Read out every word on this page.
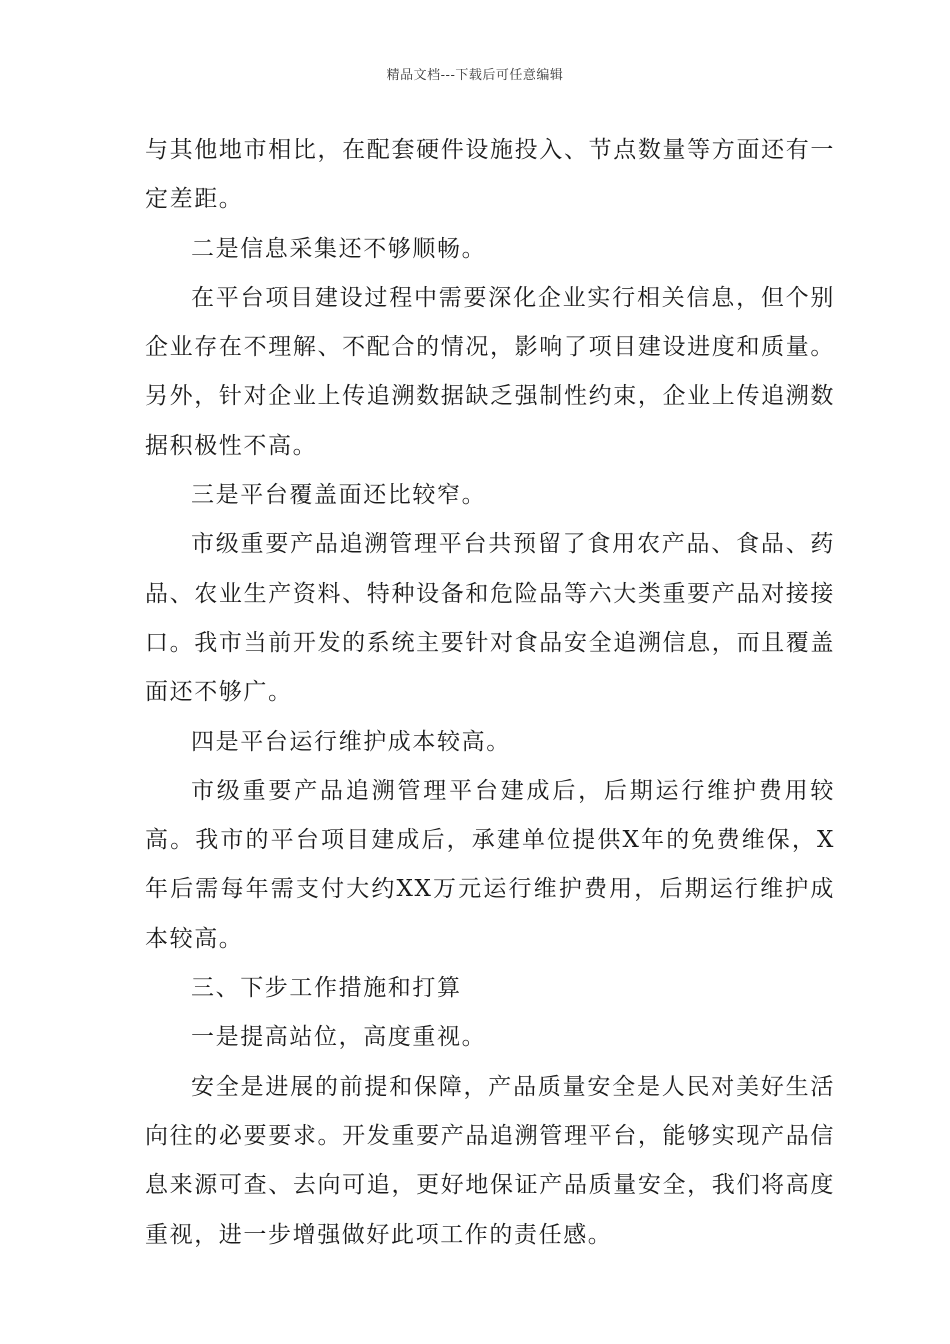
精品文档---下载后可任意编辑

与其他地市相比，在配套硬件设施投入、节点数量等方面还有一定差距。

二是信息采集还不够顺畅。

在平台项目建设过程中需要深化企业实行相关信息，但个别企业存在不理解、不配合的情况，影响了项目建设进度和质量。另外，针对企业上传追溯数据缺乏强制性约束，企业上传追溯数据积极性不高。

三是平台覆盖面还比较窄。

市级重要产品追溯管理平台共预留了食用农产品、食品、药品、农业生产资料、特种设备和危险品等六大类重要产品对接接口。我市当前开发的系统主要针对食品安全追溯信息，而且覆盖面还不够广。

四是平台运行维护成本较高。

市级重要产品追溯管理平台建成后，后期运行维护费用较高。我市的平台项目建成后，承建单位提供X年的免费维保，X年后需每年需支付大约XX万元运行维护费用，后期运行维护成本较高。

三、下步工作措施和打算

一是提高站位，高度重视。

安全是进展的前提和保障，产品质量安全是人民对美好生活向往的必要要求。开发重要产品追溯管理平台，能够实现产品信息来源可查、去向可追，更好地保证产品质量安全，我们将高度重视，进一步增强做好此项工作的责任感。
